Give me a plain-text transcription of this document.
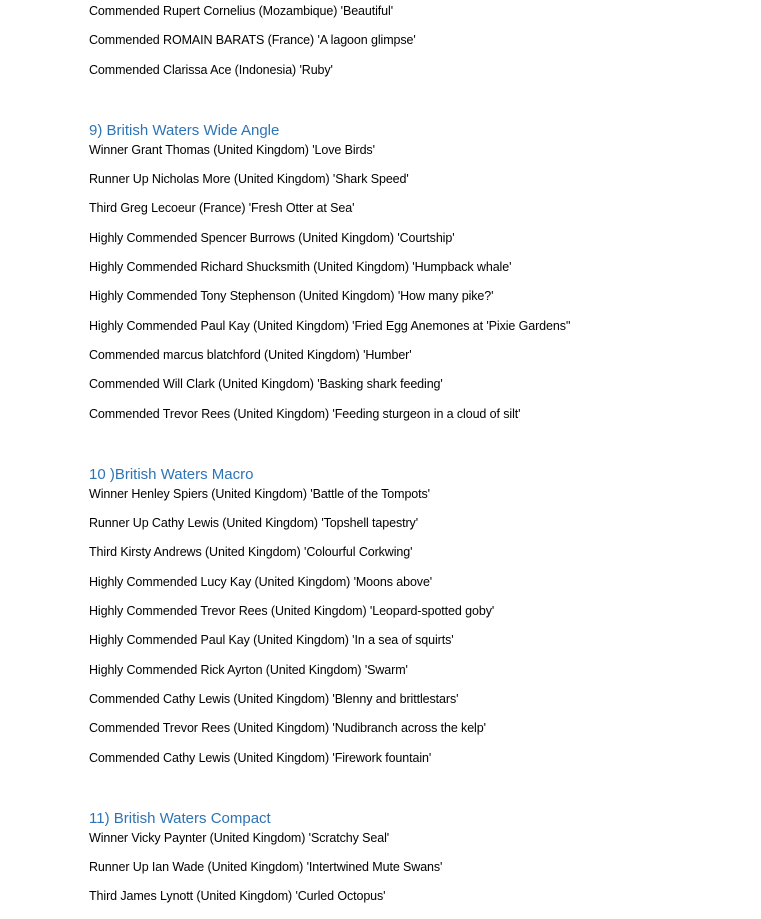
Commended Rupert Cornelius (Mozambique) 'Beautiful'
Commended ROMAIN BARATS (France) 'A lagoon glimpse'
Commended Clarissa Ace (Indonesia) 'Ruby'
9) British Waters Wide Angle
Winner Grant Thomas (United Kingdom) 'Love Birds'
Runner Up Nicholas More (United Kingdom) 'Shark Speed'
Third Greg Lecoeur (France) 'Fresh Otter at Sea'
Highly Commended Spencer Burrows (United Kingdom) 'Courtship'
Highly Commended Richard Shucksmith (United Kingdom) 'Humpback whale'
Highly Commended Tony Stephenson (United Kingdom) 'How many pike?'
Highly Commended Paul Kay (United Kingdom) 'Fried Egg Anemones at 'Pixie Gardens''
Commended marcus blatchford (United Kingdom) 'Humber'
Commended Will Clark (United Kingdom) 'Basking shark feeding'
Commended Trevor Rees (United Kingdom) 'Feeding sturgeon in a cloud of silt'
10 )British Waters Macro
Winner Henley Spiers (United Kingdom) 'Battle of the Tompots'
Runner Up Cathy Lewis (United Kingdom) 'Topshell tapestry'
Third Kirsty Andrews (United Kingdom) 'Colourful Corkwing'
Highly Commended Lucy Kay (United Kingdom) 'Moons above'
Highly Commended Trevor Rees (United Kingdom) 'Leopard-spotted goby'
Highly Commended Paul Kay (United Kingdom) 'In a sea of squirts'
Highly Commended Rick Ayrton (United Kingdom) 'Swarm'
Commended Cathy Lewis (United Kingdom) 'Blenny and brittlestars'
Commended Trevor Rees (United Kingdom) 'Nudibranch across the kelp'
Commended Cathy Lewis (United Kingdom) 'Firework fountain'
11) British Waters Compact
Winner Vicky Paynter (United Kingdom) 'Scratchy Seal'
Runner Up Ian Wade (United Kingdom) 'Intertwined Mute Swans'
Third James Lynott (United Kingdom) 'Curled Octopus'
